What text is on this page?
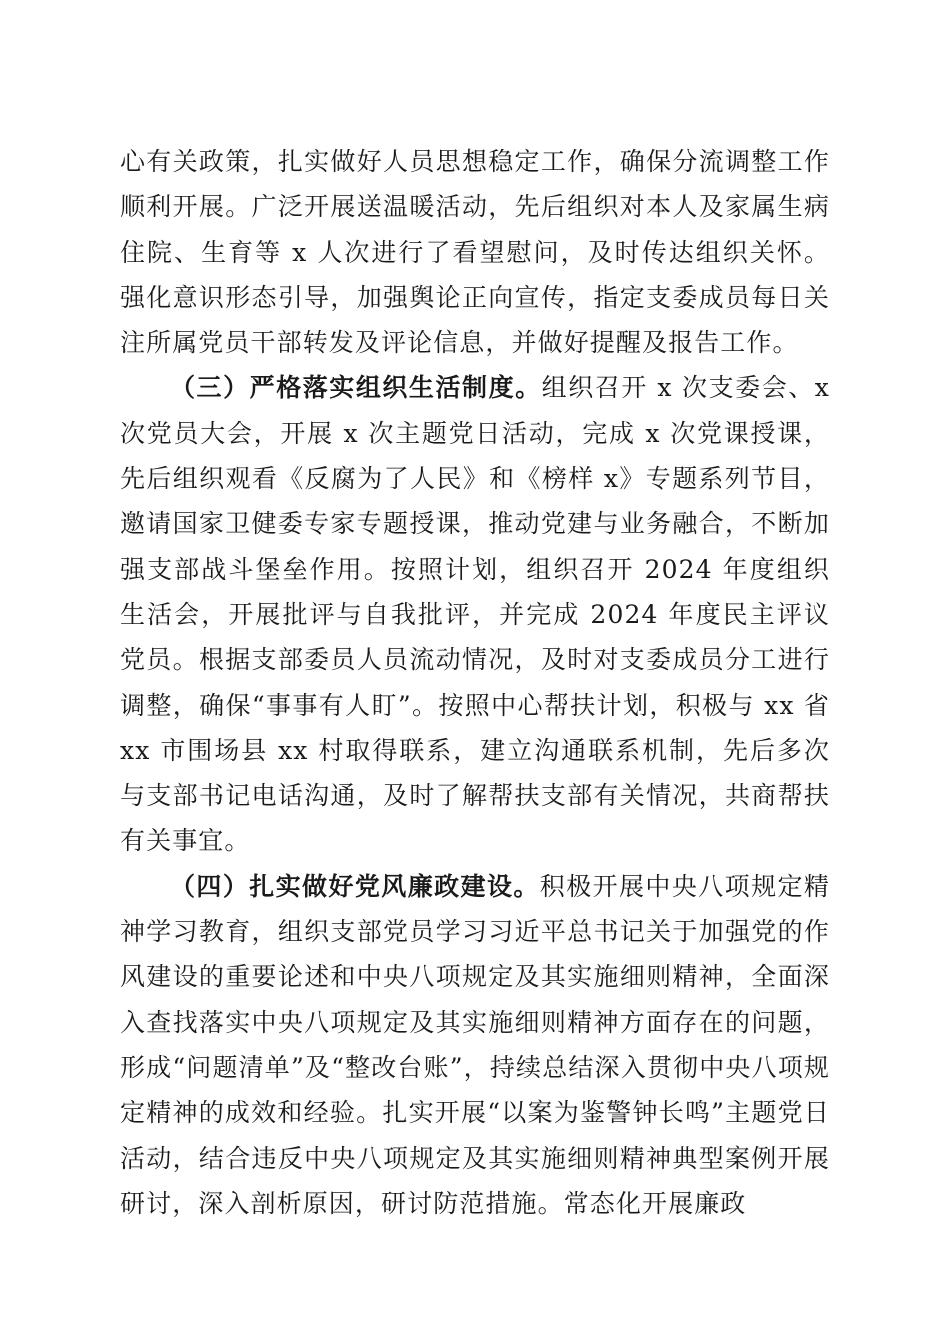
心有关政策，扎实做好人员思想稳定工作，确保分流调整工作顺利开展。广泛开展送温暖活动，先后组织对本人及家属生病住院、生育等 x 人次进行了看望慰问，及时传达组织关怀。强化意识形态引导，加强舆论正向宣传，指定支委成员每日关注所属党员干部转发及评论信息，并做好提醒及报告工作。

（三）严格落实组织生活制度。组织召开 x 次支委会、x 次党员大会，开展 x 次主题党日活动，完成 x 次党课授课，先后组织观看《反腐为了人民》和《榜样 x》专题系列节目，邀请国家卫健委专家专题授课，推动党建与业务融合，不断加强支部战斗堡垒作用。按照计划，组织召开 2024 年度组织生活会，开展批评与自我批评，并完成 2024 年度民主评议党员。根据支部委员人员流动情况，及时对支委成员分工进行调整，确保“事事有人盯”。按照中心帮扶计划，积极与 xx 省 xx 市围场县 xx 村取得联系，建立沟通联系机制，先后多次与支部书记电话沟通，及时了解帮扶支部有关情况，共商帮扶有关事宜。

（四）扎实做好党风廉政建设。积极开展中央八项规定精神学习教育，组织支部党员学习习近平总书记关于加强党的作风建设的重要论述和中央八项规定及其实施细则精神，全面深入查找落实中央八项规定及其实施细则精神方面存在的问题，形成“问题清单”及“整改台账”，持续总结深入贯彻中央八项规定精神的成效和经验。扎实开展“以案为鉴警钟长鸣”主题党日活动，结合违反中央八项规定及其实施细则精神典型案例开展研讨，深入剖析原因，研讨防范措施。常态化开展廉政
